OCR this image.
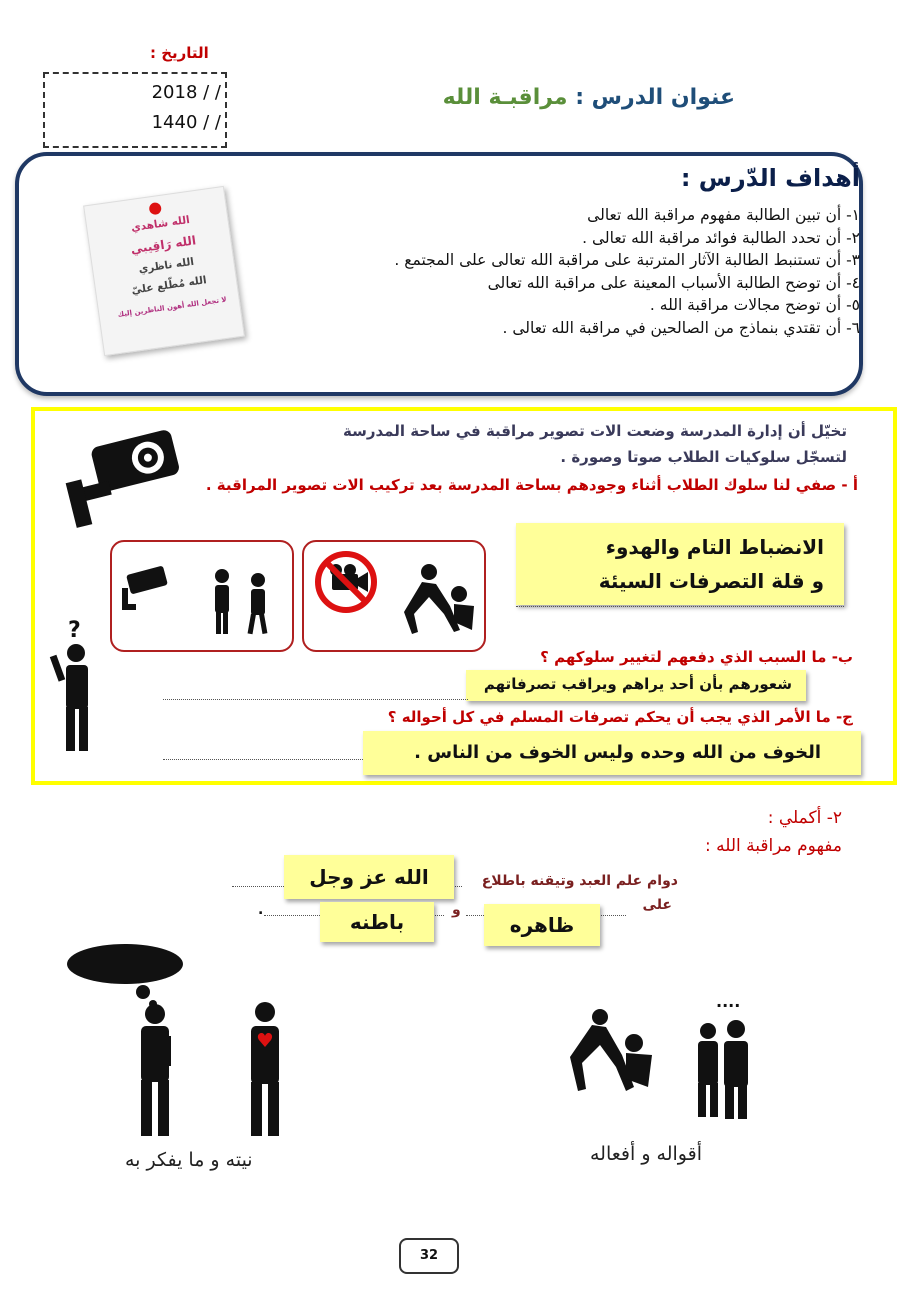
التاريخ :
2018 / /
1440 / /
عنوان الدرس : مراقبـة الله
أهداف الدّرس :
١- أن تبين الطالبة مفهوم مراقبة الله تعالى
٢- أن تحدد الطالبة فوائد مراقبة الله تعالى .
٣- أن تستنبط الطالبة الآثار المترتبة على مراقبة الله تعالى على المجتمع .
٤- أن توضح الطالبة الأسباب المعينة على مراقبة الله تعالى
٥- أن توضح مجالات مراقبة الله .
٦- أن تقتدي بنماذج من الصالحين في مراقبة الله تعالى .
الله شاهدي
الله رَاقِيبي
الله ناظري
الله مُطّلع عليّ
لا تجعل الله أهون الناظرين إليك
تخيّل أن إدارة المدرسة وضعت الات تصوير مراقبة في ساحة المدرسة
لتسجّل سلوكيات الطلاب صوتا وصورة .
أ - صفي لنا سلوك الطلاب أثناء وجودهم بساحة المدرسة بعد تركيب الات تصوير المراقبة .
الانضباط التام والهدوء
و قلة التصرفات السيئة
?
ب- ما السبب الذي دفعهم لتغيير سلوكهم ؟
شعورهم بأن أحد يراهم ويراقب تصرفاتهم
ج- ما الأمر الذي يجب أن يحكم تصرفات المسلم في كل أحواله ؟
الخوف من الله وحده وليس الخوف من الناس .
٢- أكملي :
مفهوم مراقبة الله :
دوام علم العبد وتيقنه باطلاع
على
و
.
الله عز وجل
باطنه	ظاهره
....
نيته و ما يفكر به	أقواله و أفعاله
32
